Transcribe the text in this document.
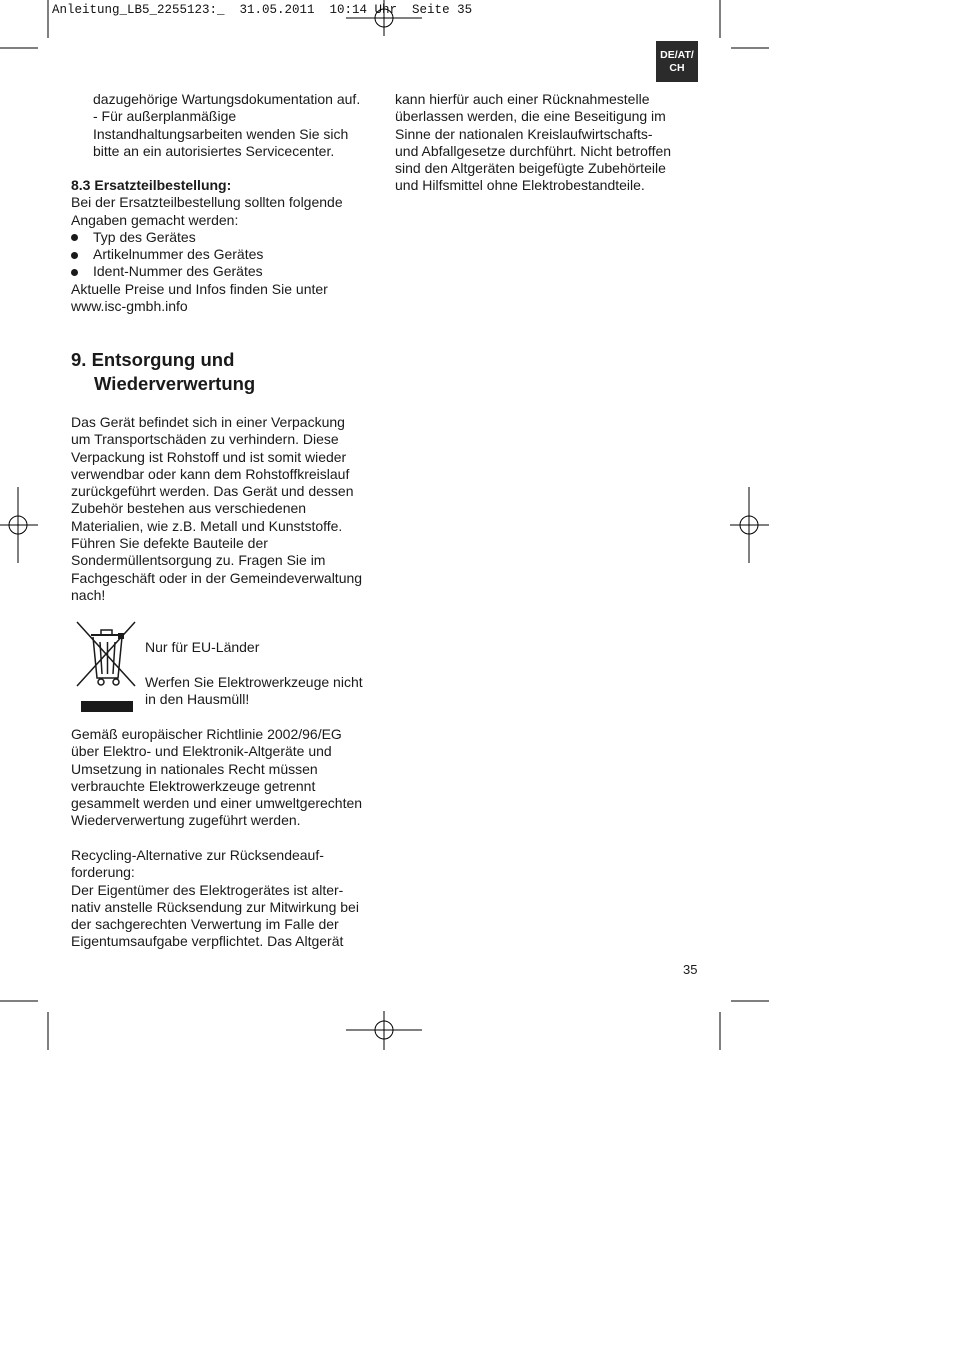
Anleitung_LB5_2255123:_  31.05.2011  10:14 Uhr  Seite 35
DE/AT/
CH
dazugehörige Wartungsdokumentation auf.
- Für außerplanmäßige
Instandhaltungsarbeiten wenden Sie sich
bitte an ein autorisiertes Servicecenter.
8.3 Ersatzteilbestellung:
Bei der Ersatzteilbestellung sollten folgende
Angaben gemacht werden:
Typ des Gerätes
Artikelnummer des Gerätes
Ident-Nummer des Gerätes
Aktuelle Preise und Infos finden Sie unter
www.isc-gmbh.info
9. Entsorgung und
Wiederverwertung
Das Gerät befindet sich in einer Verpackung
um Transportschäden zu verhindern. Diese
Verpackung ist Rohstoff und ist somit wieder
verwendbar oder kann dem Rohstoffkreislauf
zurückgeführt werden. Das Gerät und dessen
Zubehör bestehen aus verschiedenen
Materialien, wie z.B. Metall und Kunststoffe.
Führen Sie defekte Bauteile der
Sondermüllentsorgung zu. Fragen Sie im
Fachgeschäft oder in der Gemeindeverwaltung
nach!
Nur für EU-Länder
Werfen Sie Elektrowerkzeuge nicht
in den Hausmüll!
Gemäß europäischer Richtlinie 2002/96/EG
über Elektro- und Elektronik-Altgeräte und
Umsetzung in nationales Recht müssen
verbrauchte Elektrowerkzeuge getrennt
gesammelt werden und einer umweltgerechten
Wiederverwertung zugeführt werden.
Recycling-Alternative zur Rücksendeauf-
forderung:
Der Eigentümer des Elektrogerätes ist alter-
nativ anstelle Rücksendung zur Mitwirkung bei
der sachgerechten Verwertung im Falle der
Eigentumsaufgabe verpflichtet. Das Altgerät
kann hierfür auch einer Rücknahmestelle
überlassen werden, die eine Beseitigung im
Sinne der nationalen Kreislaufwirtschafts-
und Abfallgesetze durchführt. Nicht betroffen
sind den Altgeräten beigefügte Zubehörteile
und Hilfsmittel ohne Elektrobestandteile.
35
